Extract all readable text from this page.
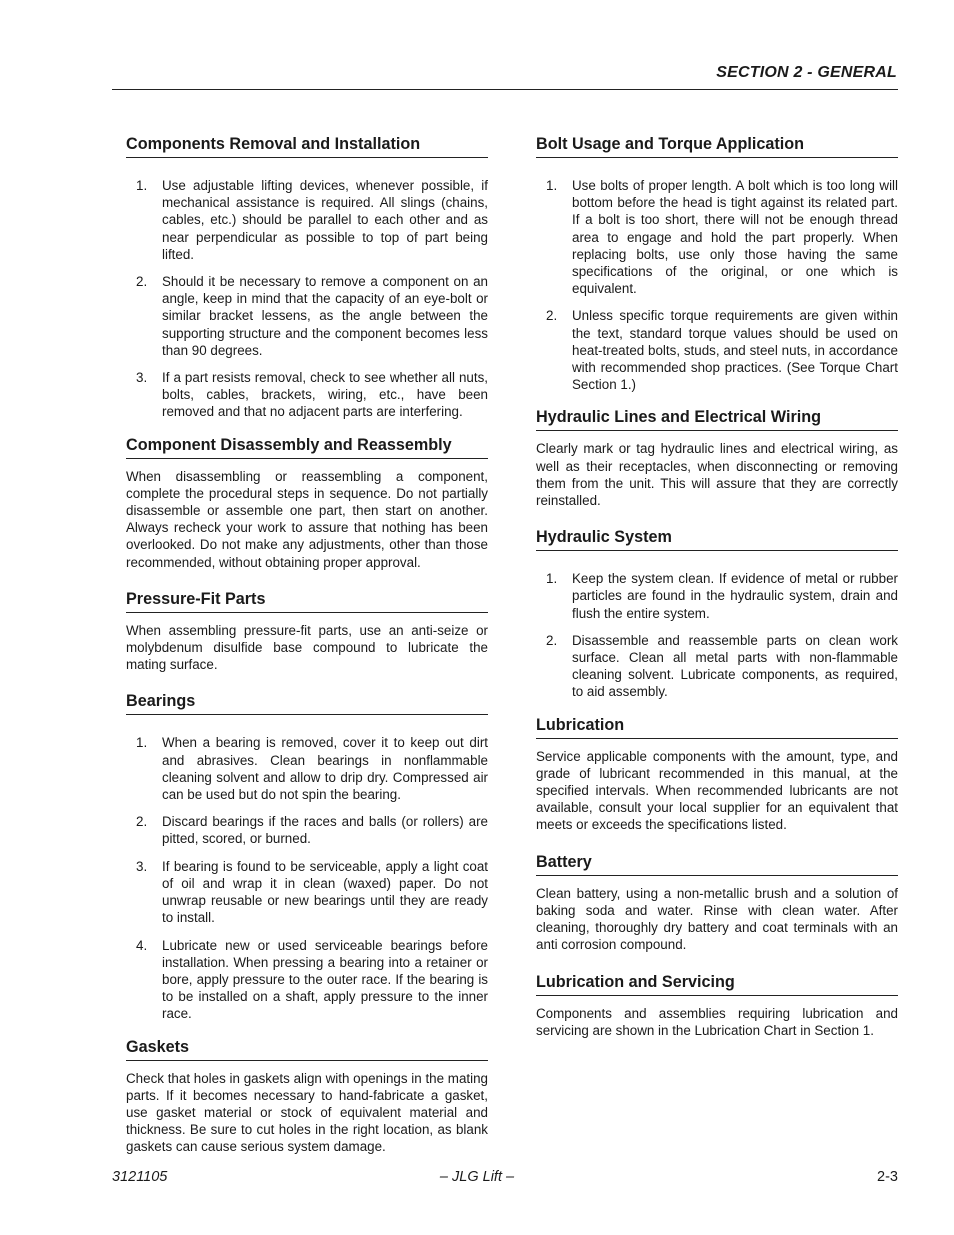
SECTION 2 - GENERAL
Components Removal and Installation
1. Use adjustable lifting devices, whenever possible, if mechanical assistance is required. All slings (chains, cables, etc.) should be parallel to each other and as near perpendicular as possible to top of part being lifted.
2. Should it be necessary to remove a component on an angle, keep in mind that the capacity of an eye-bolt or similar bracket lessens, as the angle between the supporting structure and the component becomes less than 90 degrees.
3. If a part resists removal, check to see whether all nuts, bolts, cables, brackets, wiring, etc., have been removed and that no adjacent parts are interfering.
Component Disassembly and Reassembly

When disassembling or reassembling a component, complete the procedural steps in sequence. Do not partially disassemble or assemble one part, then start on another. Always recheck your work to assure that nothing has been overlooked. Do not make any adjustments, other than those recommended, without obtaining proper approval.

Pressure-Fit Parts

When assembling pressure-fit parts, use an anti-seize or molybdenum disulfide base compound to lubricate the mating surface.

Bearings
1. When a bearing is removed, cover it to keep out dirt and abrasives. Clean bearings in nonflammable cleaning solvent and allow to drip dry. Compressed air can be used but do not spin the bearing.
2. Discard bearings if the races and balls (or rollers) are pitted, scored, or burned.
3. If bearing is found to be serviceable, apply a light coat of oil and wrap it in clean (waxed) paper. Do not unwrap reusable or new bearings until they are ready to install.
4. Lubricate new or used serviceable bearings before installation. When pressing a bearing into a retainer or bore, apply pressure to the outer race. If the bearing is to be installed on a shaft, apply pressure to the inner race.
Gaskets

Check that holes in gaskets align with openings in the mating parts. If it becomes necessary to hand-fabricate a gasket, use gasket material or stock of equivalent material and thickness. Be sure to cut holes in the right location, as blank gaskets can cause serious system damage.

Bolt Usage and Torque Application
1. Use bolts of proper length. A bolt which is too long will bottom before the head is tight against its related part. If a bolt is too short, there will not be enough thread area to engage and hold the part properly. When replacing bolts, use only those having the same specifications of the original, or one which is equivalent.
2. Unless specific torque requirements are given within the text, standard torque values should be used on heat-treated bolts, studs, and steel nuts, in accordance with recommended shop practices. (See Torque Chart Section 1.)
Hydraulic Lines and Electrical Wiring

Clearly mark or tag hydraulic lines and electrical wiring, as well as their receptacles, when disconnecting or removing them from the unit. This will assure that they are correctly reinstalled.

Hydraulic System
1. Keep the system clean. If evidence of metal or rubber particles are found in the hydraulic system, drain and flush the entire system.
2. Disassemble and reassemble parts on clean work surface. Clean all metal parts with non-flammable cleaning solvent. Lubricate components, as required, to aid assembly.
Lubrication

Service applicable components with the amount, type, and grade of lubricant recommended in this manual, at the specified intervals. When recommended lubricants are not available, consult your local supplier for an equivalent that meets or exceeds the specifications listed.

Battery

Clean battery, using a non-metallic brush and a solution of baking soda and water. Rinse with clean water. After cleaning, thoroughly dry battery and coat terminals with an anti corrosion compound.

Lubrication and Servicing

Components and assemblies requiring lubrication and servicing are shown in the Lubrication Chart in Section 1.

3121105	– JLG Lift –	2-3
